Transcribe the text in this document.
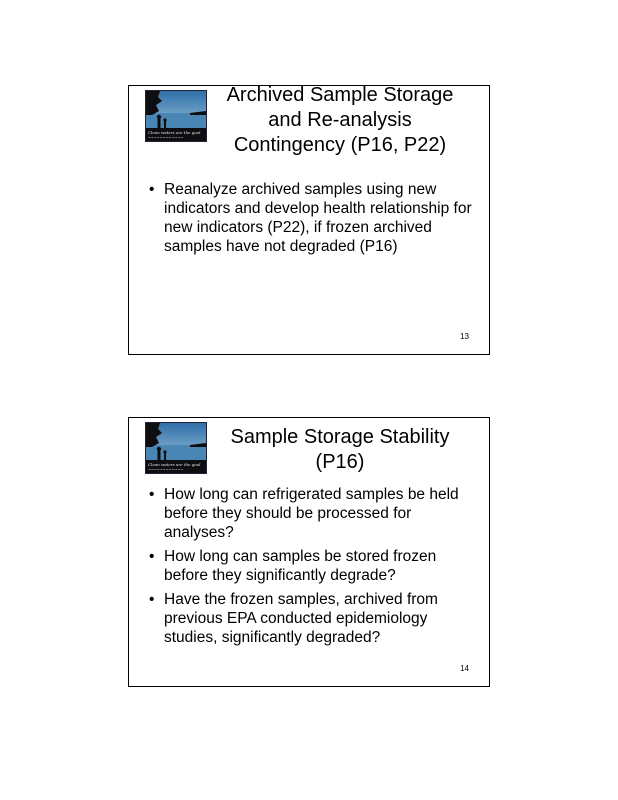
Clean waters are the goal
~~~~~~~~~~~~
Archived Sample Storage
and Re-analysis
Contingency (P16, P22)
• Reanalyze archived samples using new indicators and develop health relationship for new indicators (P22), if frozen archived samples have not degraded (P16)
13
Clean waters are the goal
~~~~~~~~~~~~
Sample Storage Stability
(P16)
• How long can refrigerated samples be held before they should be processed for analyses?
• How long can samples be stored frozen before they significantly degrade?
• Have the frozen samples, archived from previous EPA conducted epidemiology studies, significantly degraded?
14
